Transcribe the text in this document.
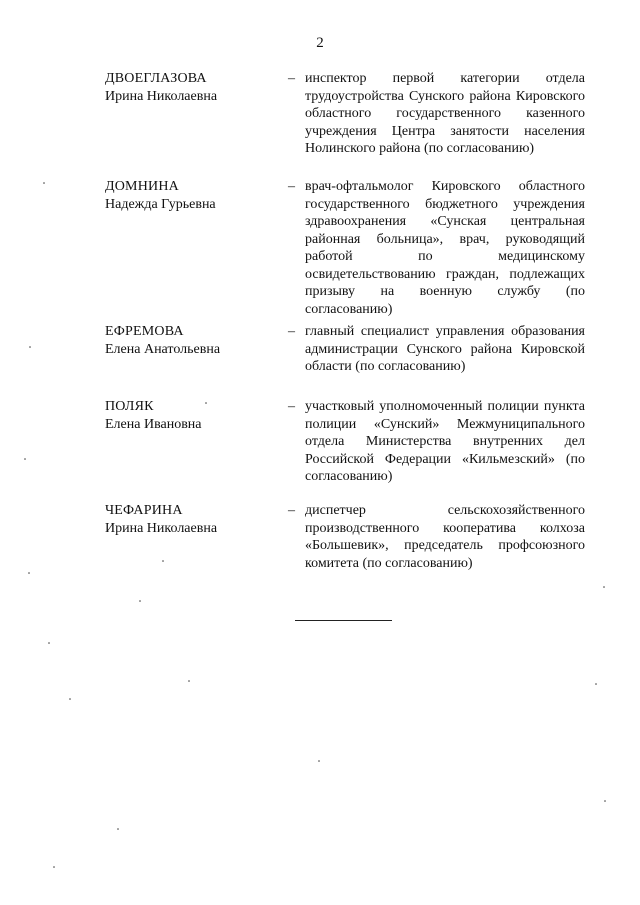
2
ДВОЕГЛАЗОВА
Ирина Николаевна
– инспектор первой категории отдела трудоустройства Сунского района Кировского областного государственного казенного учреждения Центра занятости населения Нолинского района (по согласованию)
ДОМНИНА
Надежда Гурьевна
– врач-офтальмолог Кировского областного государственного бюджетного учреждения здравоохранения «Сунская центральная районная больница», врач, руководящий работой по медицинскому освидетельствованию граждан, подлежащих призыву на военную службу (по согласованию)
ЕФРЕМОВА
Елена Анатольевна
– главный специалист управления образования администрации Сунского района Кировской области (по согласованию)
ПОЛЯК
Елена Ивановна
– участковый уполномоченный полиции пункта полиции «Сунский» Межмуниципального отдела Министерства внутренних дел Российской Федерации «Кильмезский» (по согласованию)
ЧЕФАРИНА
Ирина Николаевна
– диспетчер сельскохозяйственного производственного кооператива колхоза «Большевик», председатель профсоюзного комитета (по согласованию)
